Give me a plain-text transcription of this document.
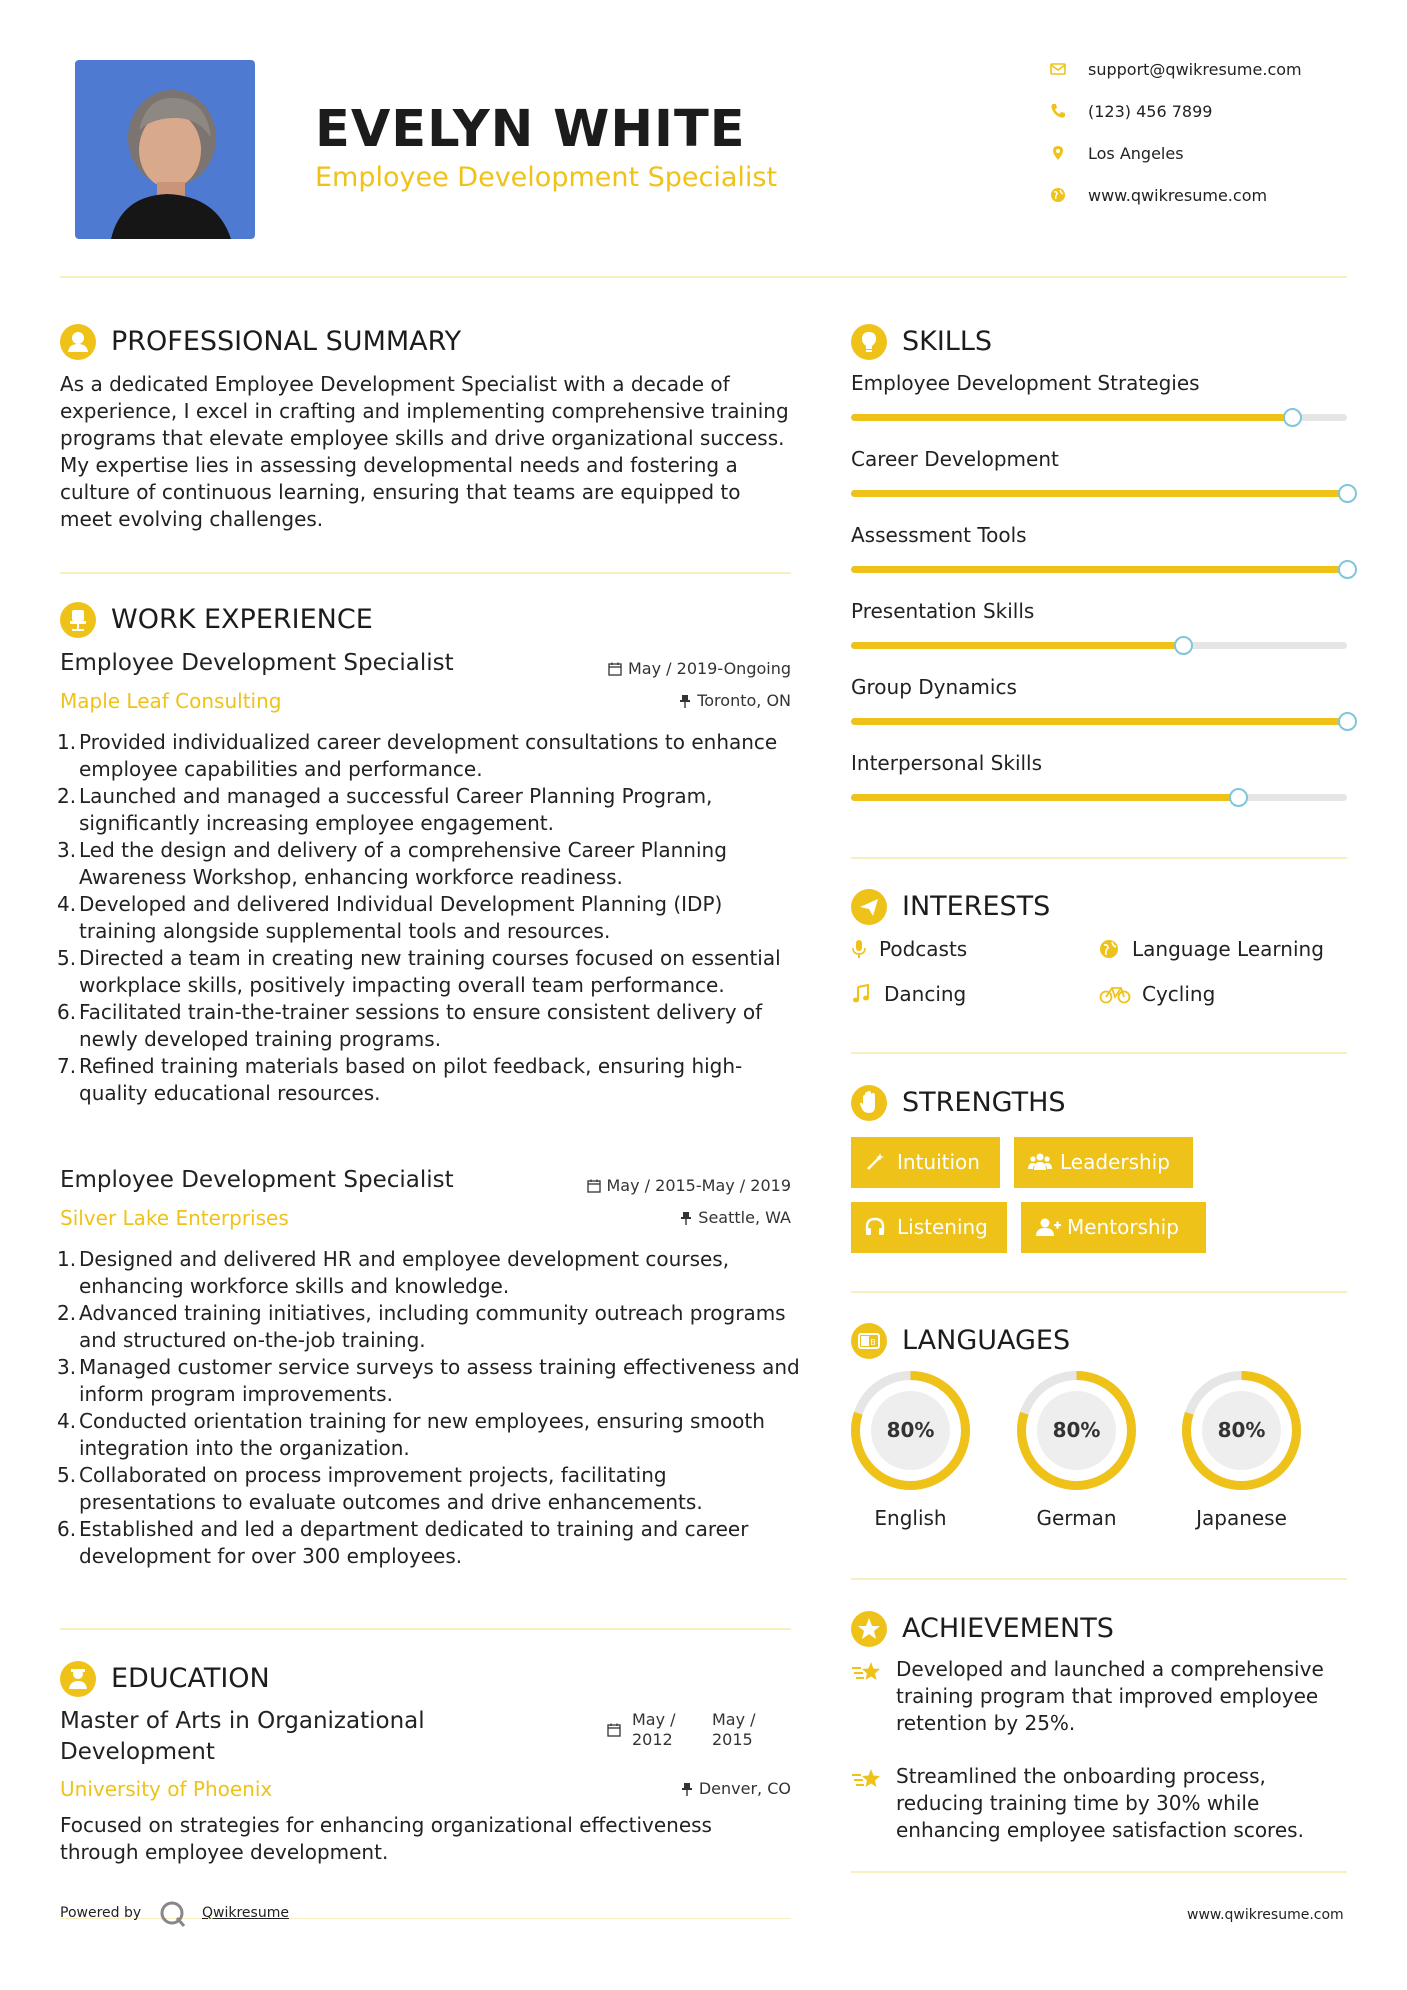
EVELYN WHITE
Employee Development Specialist
support@qwikresume.com
(123) 456 7899
Los Angeles
www.qwikresume.com
PROFESSIONAL SUMMARY
As a dedicated Employee Development Specialist with a decade of experience, I excel in crafting and implementing comprehensive training programs that elevate employee skills and drive organizational success. My expertise lies in assessing developmental needs and fostering a culture of continuous learning, ensuring that teams are equipped to meet evolving challenges.
WORK EXPERIENCE
Employee Development Specialist
Maple Leaf Consulting
May / 2019-Ongoing
Toronto, ON
1. Provided individualized career development consultations to enhance employee capabilities and performance.
2. Launched and managed a successful Career Planning Program, significantly increasing employee engagement.
3. Led the design and delivery of a comprehensive Career Planning Awareness Workshop, enhancing workforce readiness.
4. Developed and delivered Individual Development Planning (IDP) training alongside supplemental tools and resources.
5. Directed a team in creating new training courses focused on essential workplace skills, positively impacting overall team performance.
6. Facilitated train-the-trainer sessions to ensure consistent delivery of newly developed training programs.
7. Refined training materials based on pilot feedback, ensuring high-quality educational resources.
Employee Development Specialist
Silver Lake Enterprises
May / 2015-May / 2019
Seattle, WA
1. Designed and delivered HR and employee development courses, enhancing workforce skills and knowledge.
2. Advanced training initiatives, including community outreach programs and structured on-the-job training.
3. Managed customer service surveys to assess training effectiveness and inform program improvements.
4. Conducted orientation training for new employees, ensuring smooth integration into the organization.
5. Collaborated on process improvement projects, facilitating presentations to evaluate outcomes and drive enhancements.
6. Established and led a department dedicated to training and career development for over 300 employees.
EDUCATION
Master of Arts in Organizational
Development
University of Phoenix
May /
2012
May /
2015
Denver, CO
Focused on strategies for enhancing organizational effectiveness through employee development.
SKILLS
Employee Development Strategies
Career Development
Assessment Tools
Presentation Skills
Group Dynamics
Interpersonal Skills
INTERESTS
Podcasts	Language Learning
Dancing	Cycling
STRENGTHS
Intuition	Leadership
Listening	Mentorship
B LANGUAGES
80%
English
80%
German
80%
Japanese
ACHIEVEMENTS
Developed and launched a comprehensive training program that improved employee retention by 25%.
Streamlined the onboarding process, reducing training time by 30% while enhancing employee satisfaction scores.
Powered by	Qwikresume	www.qwikresume.com
